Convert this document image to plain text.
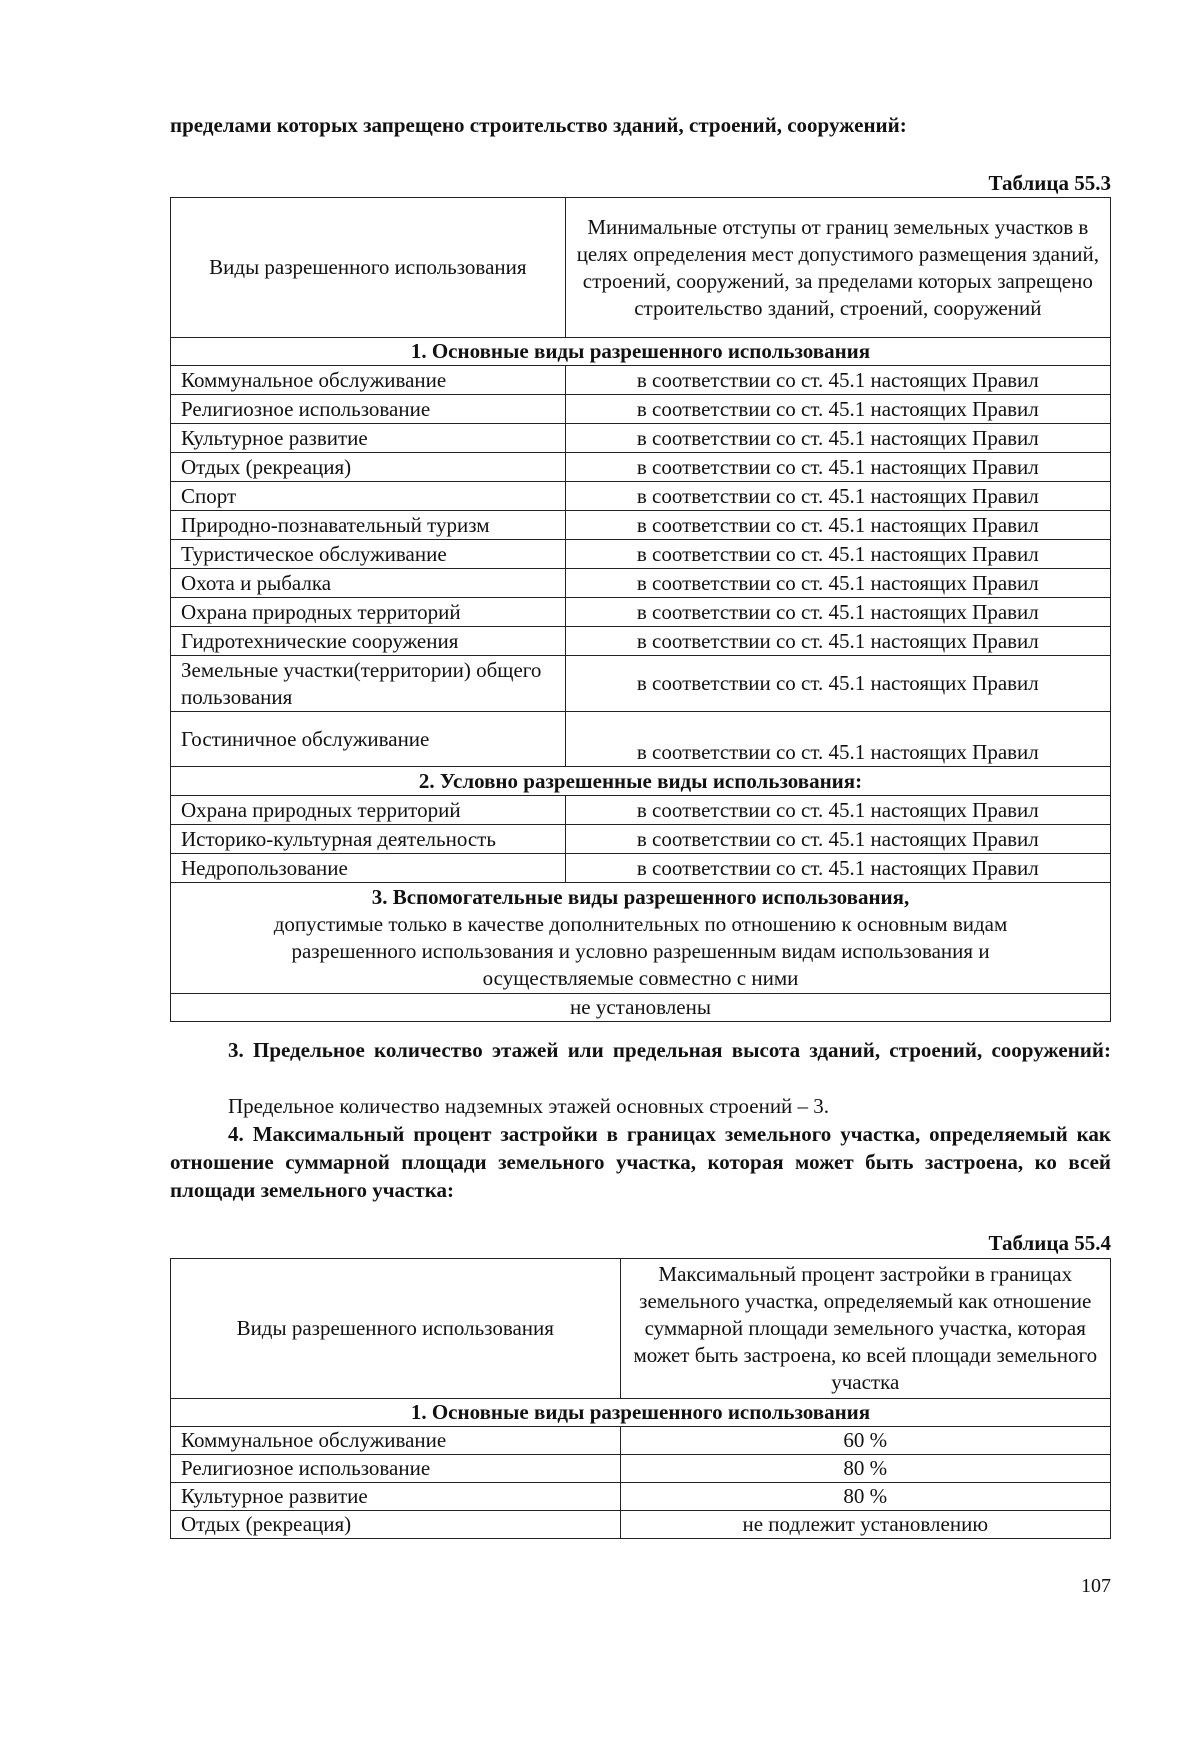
пределами которых запрещено строительство зданий, строений, сооружений:
Таблица 55.3
Виды разрешенного использования	Минимальные отступы от границ земельных участков в целях определения мест допустимого размещения зданий, строений, сооружений, за пределами которых запрещено строительство зданий, строений, сооружений
1. Основные виды разрешенного использования	
Коммунальное обслуживание	в соответствии со ст. 45.1 настоящих Правил
Религиозное использование	в соответствии со ст. 45.1 настоящих Правил
Культурное развитие	в соответствии со ст. 45.1 настоящих Правил
Отдых (рекреация)	в соответствии со ст. 45.1 настоящих Правил
Спорт	в соответствии со ст. 45.1 настоящих Правил
Природно-познавательный туризм	в соответствии со ст. 45.1 настоящих Правил
Туристическое обслуживание	в соответствии со ст. 45.1 настоящих Правил
Охота и рыбалка	в соответствии со ст. 45.1 настоящих Правил
Охрана природных территорий	в соответствии со ст. 45.1 настоящих Правил
Гидротехнические сооружения	в соответствии со ст. 45.1 настоящих Правил
Земельные участки(территории) общего пользования	в соответствии со ст. 45.1 настоящих Правил
Гостиничное обслуживание	в соответствии со ст. 45.1 настоящих Правил
2. Условно разрешенные виды использования:	
Охрана природных территорий	в соответствии со ст. 45.1 настоящих Правил
Историко-культурная деятельность	в соответствии со ст. 45.1 настоящих Правил
Недропользование	в соответствии со ст. 45.1 настоящих Правил

3. Вспомогательные виды разрешенного использования,
допустимые только в качестве дополнительных по отношению к основным видам разрешенного использования и условно разрешенным видам использования и осуществляемые совместно с ними	

не установлены	
3. Предельное количество этажей или предельная высота зданий, строений, сооружений:
Предельное количество надземных этажей основных строений – 3.
4. Максимальный процент застройки в границах земельного участка, определяемый как отношение суммарной площади земельного участка, которая может быть застроена, ко всей площади земельного участка:
Таблица 55.4
Виды разрешенного использования	Максимальный процент застройки в границах земельного участка, определяемый как отношение суммарной площади земельного участка, которая может быть застроена, ко всей площади земельного участка
1. Основные виды разрешенного использования	
Коммунальное обслуживание	60 %
Религиозное использование	80 %
Культурное развитие	80 %
Отдых (рекреация)	не подлежит установлению
107
